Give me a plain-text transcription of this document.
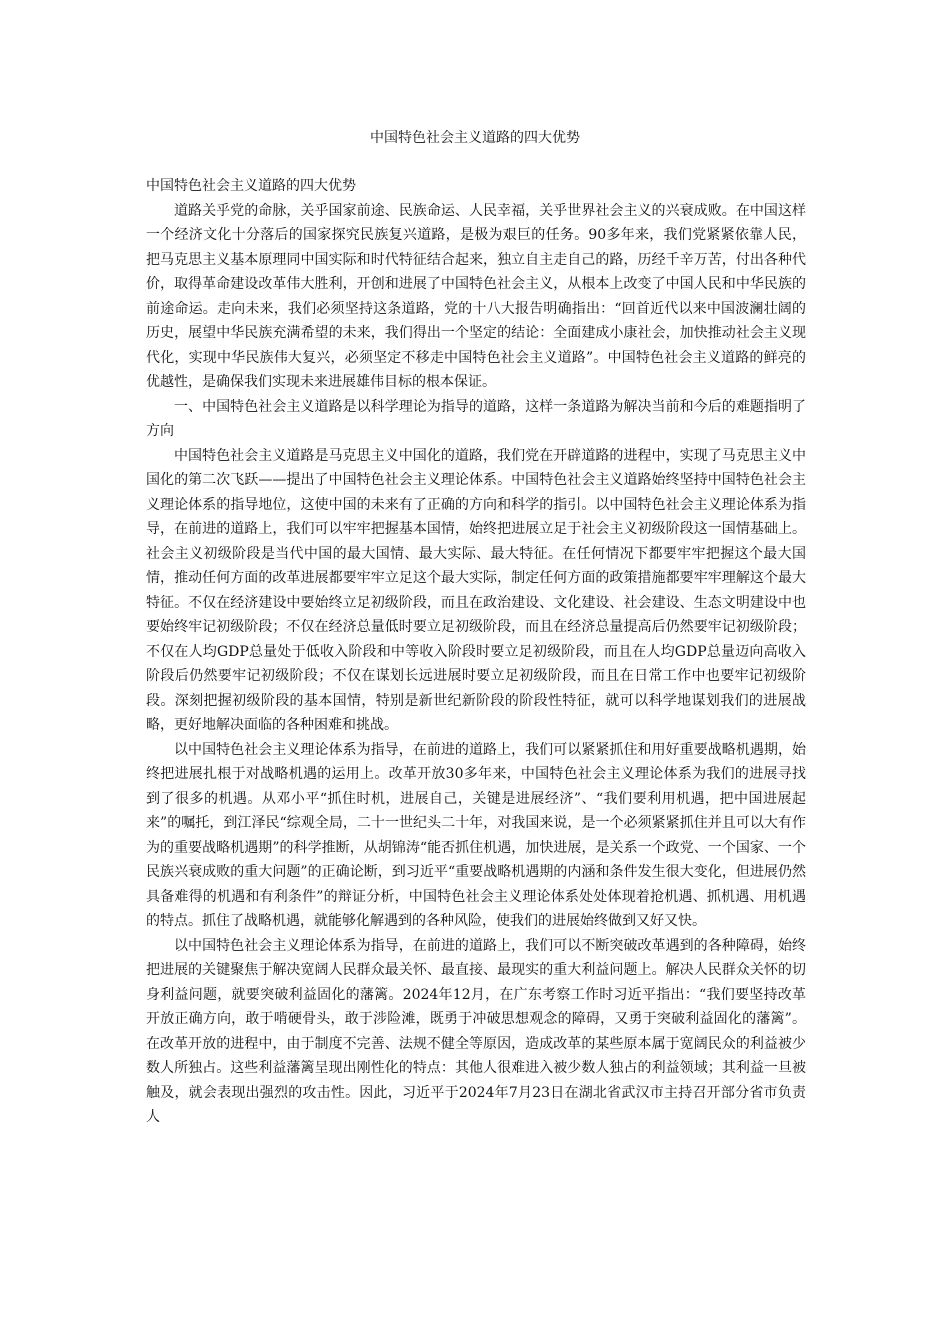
中国特色社会主义道路的四大优势

中国特色社会主义道路的四大优势

道路关乎党的命脉，关乎国家前途、民族命运、人民幸福，关乎世界社会主义的兴衰成败。在中国这样一个经济文化十分落后的国家探究民族复兴道路，是极为艰巨的任务。90多年来，我们党紧紧依靠人民，把马克思主义基本原理同中国实际和时代特征结合起来，独立自主走自己的路，历经千辛万苦，付出各种代价，取得革命建设改革伟大胜利，开创和进展了中国特色社会主义，从根本上改变了中国人民和中华民族的前途命运。走向未来，我们必须坚持这条道路，党的十八大报告明确指出：“回首近代以来中国波澜壮阔的历史，展望中华民族充满希望的未来，我们得出一个坚定的结论：全面建成小康社会，加快推动社会主义现代化，实现中华民族伟大复兴，必须坚定不移走中国特色社会主义道路”。中国特色社会主义道路的鲜亮的优越性，是确保我们实现未来进展雄伟目标的根本保证。

一、中国特色社会主义道路是以科学理论为指导的道路，这样一条道路为解决当前和今后的难题指明了方向

中国特色社会主义道路是马克思主义中国化的道路，我们党在开辟道路的进程中，实现了马克思主义中国化的第二次飞跃——提出了中国特色社会主义理论体系。中国特色社会主义道路始终坚持中国特色社会主义理论体系的指导地位，这使中国的未来有了正确的方向和科学的指引。以中国特色社会主义理论体系为指导，在前进的道路上，我们可以牢牢把握基本国情，始终把进展立足于社会主义初级阶段这一国情基础上。社会主义初级阶段是当代中国的最大国情、最大实际、最大特征。在任何情况下都要牢牢把握这个最大国情，推动任何方面的改革进展都要牢牢立足这个最大实际，制定任何方面的政策措施都要牢牢理解这个最大特征。不仅在经济建设中要始终立足初级阶段，而且在政治建设、文化建设、社会建设、生态文明建设中也要始终牢记初级阶段；不仅在经济总量低时要立足初级阶段，而且在经济总量提高后仍然要牢记初级阶段；不仅在人均GDP总量处于低收入阶段和中等收入阶段时要立足初级阶段，而且在人均GDP总量迈向高收入阶段后仍然要牢记初级阶段；不仅在谋划长远进展时要立足初级阶段，而且在日常工作中也要牢记初级阶段。深刻把握初级阶段的基本国情，特别是新世纪新阶段的阶段性特征，就可以科学地谋划我们的进展战略，更好地解决面临的各种困难和挑战。

以中国特色社会主义理论体系为指导，在前进的道路上，我们可以紧紧抓住和用好重要战略机遇期，始终把进展扎根于对战略机遇的运用上。改革开放30多年来，中国特色社会主义理论体系为我们的进展寻找到了很多的机遇。从邓小平“抓住时机，进展自己，关键是进展经济”、“我们要利用机遇，把中国进展起来”的嘱托，到江泽民“综观全局，二十一世纪头二十年，对我国来说，是一个必须紧紧抓住并且可以大有作为的重要战略机遇期”的科学推断，从胡锦涛“能否抓住机遇，加快进展，是关系一个政党、一个国家、一个民族兴衰成败的重大问题”的正确论断，到习近平“重要战略机遇期的内涵和条件发生很大变化，但进展仍然具备难得的机遇和有利条件”的辩证分析，中国特色社会主义理论体系处处体现着抢机遇、抓机遇、用机遇的特点。抓住了战略机遇，就能够化解遇到的各种风险，使我们的进展始终做到又好又快。

以中国特色社会主义理论体系为指导，在前进的道路上，我们可以不断突破改革遇到的各种障碍，始终把进展的关键聚焦于解决宽阔人民群众最关怀、最直接、最现实的重大利益问题上。解决人民群众关怀的切身利益问题，就要突破利益固化的藩篱。2024年12月，在广东考察工作时习近平指出：“我们要坚持改革开放正确方向，敢于啃硬骨头，敢于涉险滩，既勇于冲破思想观念的障碍，又勇于突破利益固化的藩篱”。在改革开放的进程中，由于制度不完善、法规不健全等原因，造成改革的某些原本属于宽阔民众的利益被少数人所独占。这些利益藩篱呈现出刚性化的特点：其他人很难进入被少数人独占的利益领域；其利益一旦被触及，就会表现出强烈的攻击性。因此，习近平于2024年7月23日在湖北省武汉市主持召开部分省市负责人
